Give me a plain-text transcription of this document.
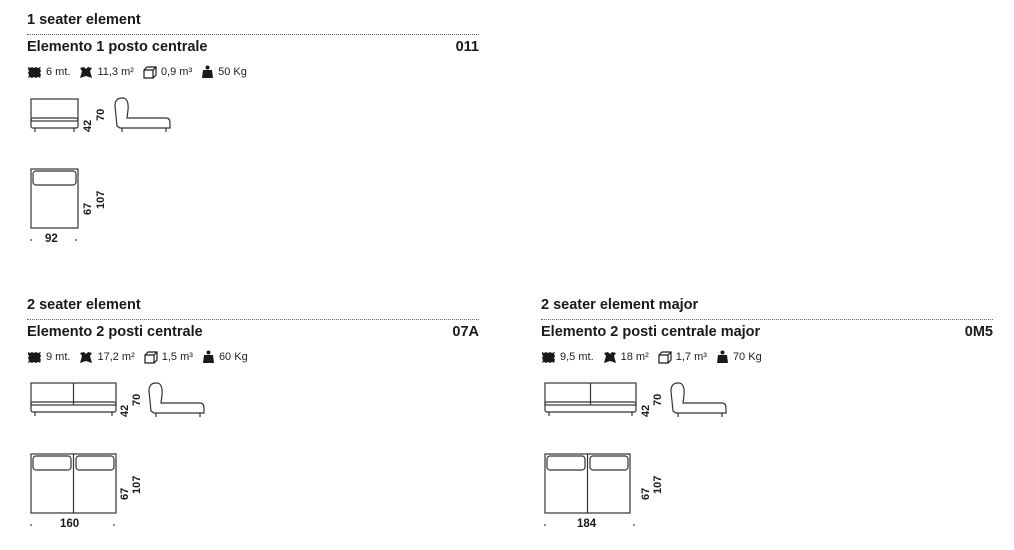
1 seater element
Elemento 1 posto centrale	011
6 mt. 11,3 m² 0,9 m³ 50 Kg
42
70
67 107
92
2 seater element
Elemento 2 posti centrale	07A
9 mt. 17,2 m² 1,5 m³ 60 Kg
42
70
67 107
160
2 seater element major
Elemento 2 posti centrale major	0M5
9,5 mt. 18 m² 1,7 m³ 70 Kg
42
70
67 107
184
